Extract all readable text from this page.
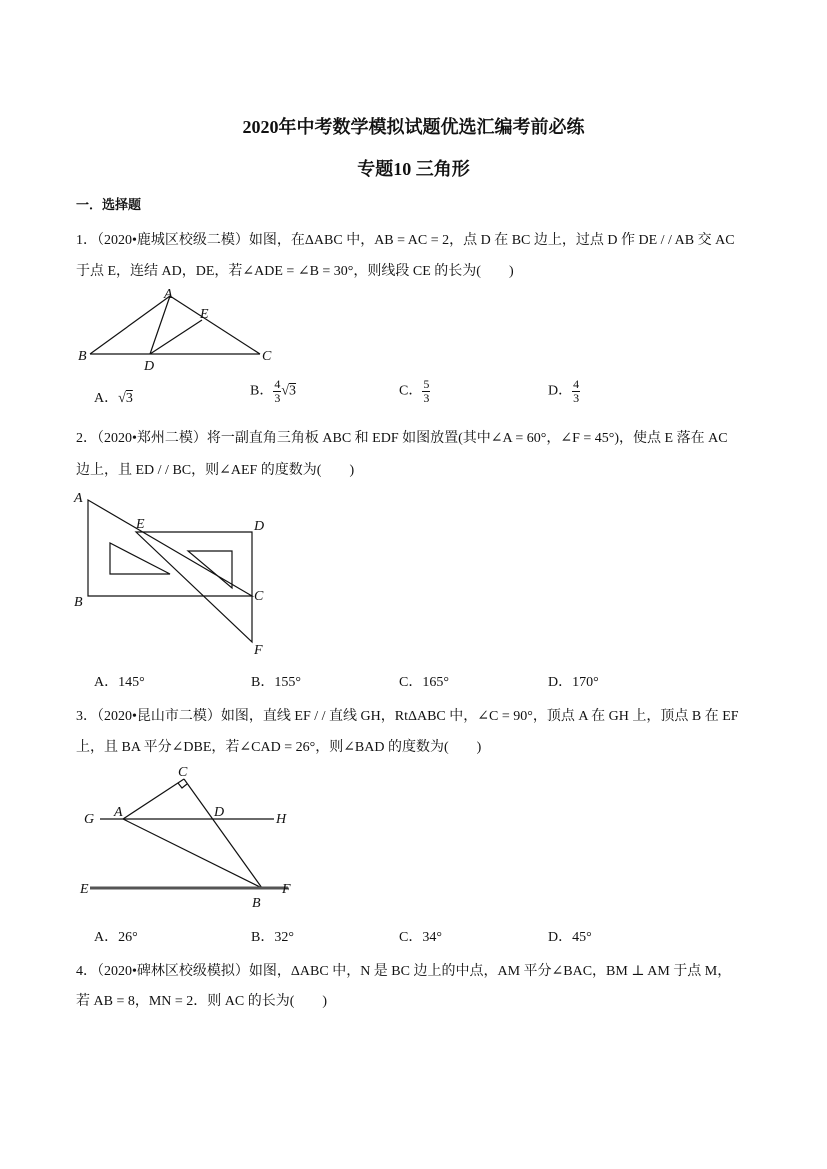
2020年中考数学模拟试题优选汇编考前必练
专题10 三角形
一．选择题
1．（2020•鹿城区校级二模）如图，在ΔABC 中，AB = AC = 2，点 D 在 BC 边上，过点 D 作 DE / / AB 交 AC
于点 E，连结 AD，DE，若∠ADE = ∠B = 30°，则线段 CE 的长为(　　)
A
E
B
D
C
A．√3	B． $\frac{4}{3} √3$	C． $\frac{5}{3}$	D． $\frac{4}{3}$
2．（2020•郑州二模）将一副直角三角板 ABC 和 EDF 如图放置(其中∠A = 60°，∠F = 45°)，使点 E 落在 AC
边上，且 ED / / BC，则∠AEF 的度数为(　　)
A
E	D
C
B
F
A．145°	B．155°	C．165°	D．170°
3．（2020•昆山市二模）如图，直线 EF / / 直线 GH，RtΔABC 中，∠C = 90°，顶点 A 在 GH 上，顶点 B 在 EF
上，且 BA 平分∠DBE，若∠CAD = 26°，则∠BAD 的度数为(　　)
C
G A	D	H
E
B
F
A．26°	B．32°	C．34°	D．45°
4．（2020•碑林区校级模拟）如图，ΔABC 中，N 是 BC 边上的中点，AM 平分∠BAC，BM ⊥ AM 于点 M，
若 AB = 8，MN = 2．则 AC 的长为(　　)
